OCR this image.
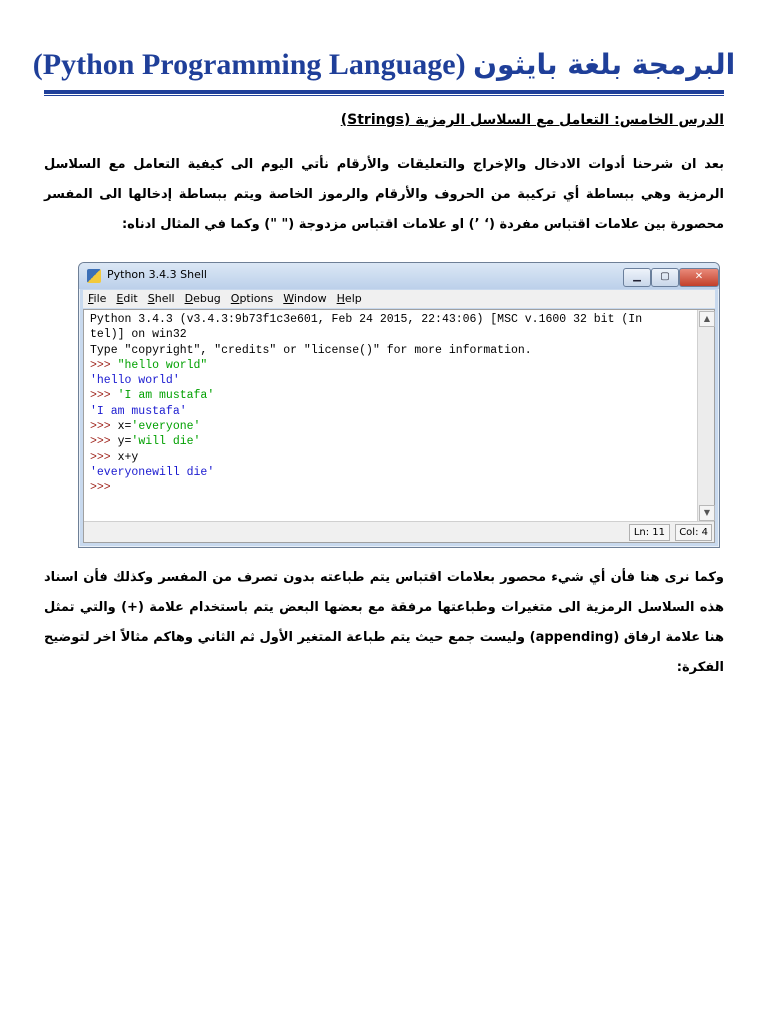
(Python Programming Language) البرمجة بلغة بايثون
الدرس الخامس: التعامل مع السلاسل الرمزية (Strings)
بعد ان شرحنا أدوات الادخال والإخراج والتعليقات والأرقام نأتي اليوم الى كيفية التعامل مع السلاسل الرمزية وهي ببساطة أي تركيبة من الحروف والأرقام والرموز الخاصة ويتم ببساطة إدخالها الى المفسر محصورة بين علامات اقتباس مفردة (‘ ’) او علامات اقتباس مزدوجة (" ") وكما في المثال ادناه:
Python 3.4.3 Shell	▁	▢	✕
File Edit Shell Debug Options Window Help
Python 3.4.3 (v3.4.3:9b73f1c3e601, Feb 24 2015, 22:43:06) [MSC v.1600 32 bit (In
tel)] on win32
Type "copyright", "credits" or "license()" for more information.
>>> "hello world"
'hello world'
>>> 'I am mustafa'
'I am mustafa'
>>> x='everyone'
>>> y='will die'
>>> x+y
'everyonewill die'
>>>
▲
▼
Ln: 11	Col: 4
وكما نرى هنا فأن أي شيء محصور بعلامات اقتباس يتم طباعته بدون تصرف من المفسر وكذلك فأن اسناد هذه السلاسل الرمزية الى متغيرات وطباعتها مرفقة مع بعضها البعض يتم باستخدام علامة (+) والتي تمثل هنا علامة ارفاق (appending) وليست جمع حيث يتم طباعة المتغير الأول ثم الثاني وهاكم مثالاً اخر لتوضيح الفكرة:
